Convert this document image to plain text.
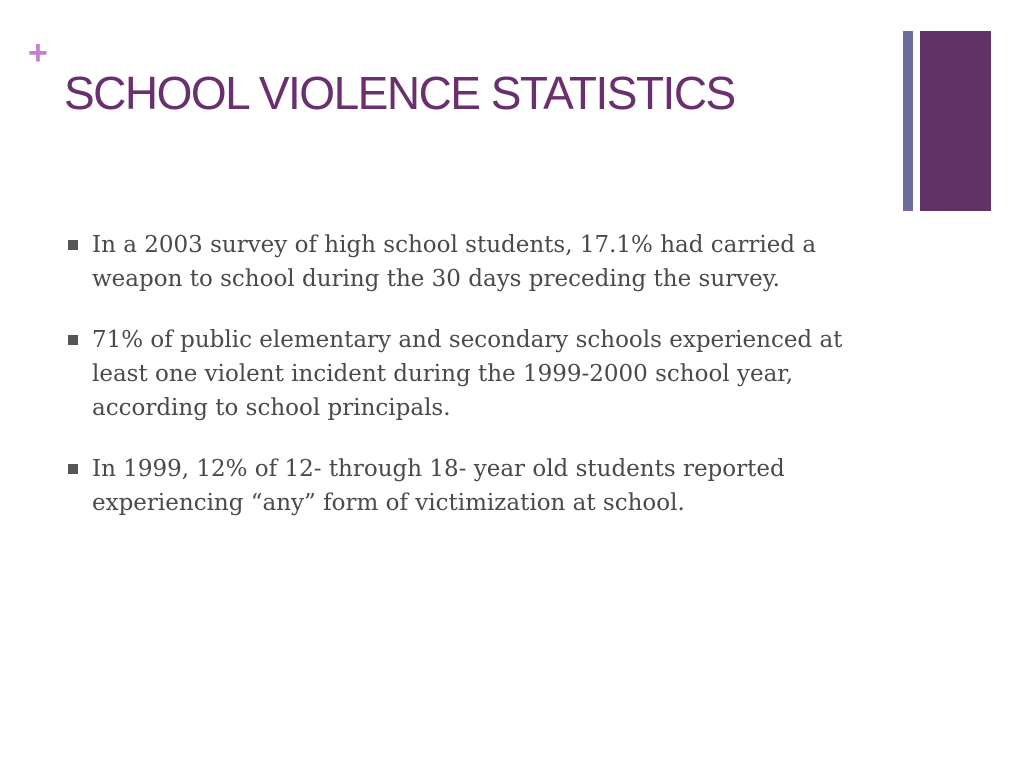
+
SCHOOL VIOLENCE STATISTICS
In a 2003 survey of high school students, 17.1% had carried a weapon to school during the 30 days preceding the survey.
71% of public elementary and secondary schools experienced at least one violent incident during the 1999-2000 school year, according to school principals.
In 1999, 12% of 12- through 18- year old students reported experiencing “any” form of victimization at school.
